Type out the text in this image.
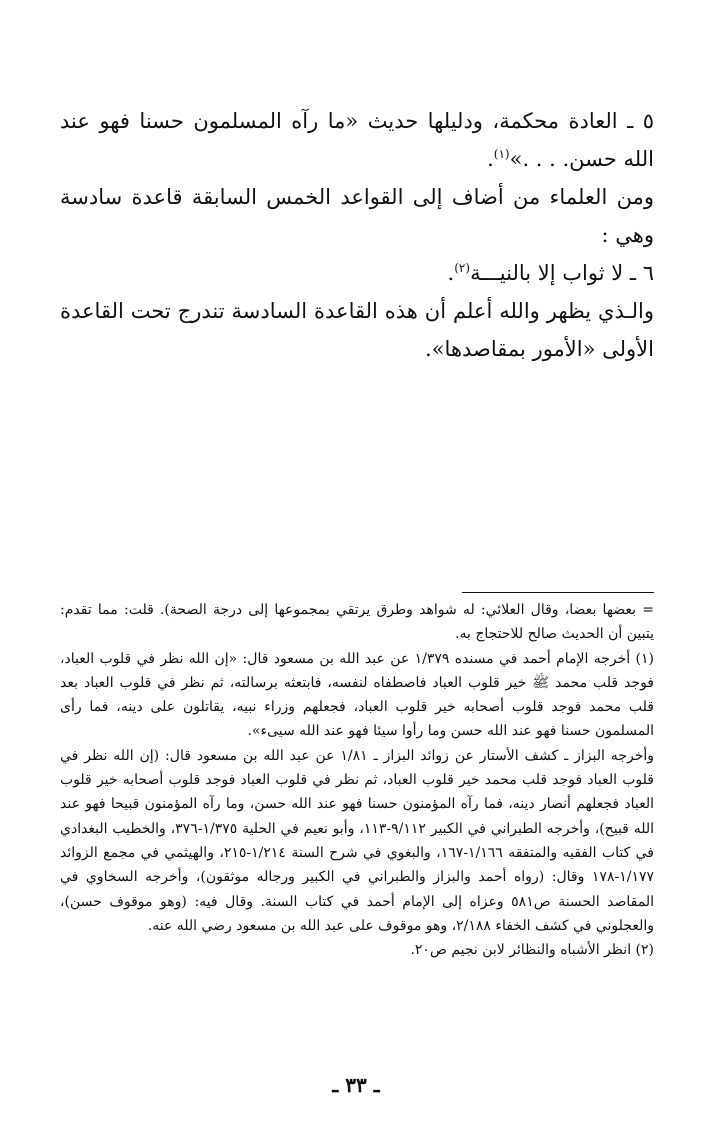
٥ ـ العادة محكمة، ودليلها حديث «ما رآه المسلمون حسنا فهو عند الله حسن. . . .»$^{(١)}$.

ومن العلماء من أضاف إلى القواعد الخمس السابقة قاعدة سادسة وهي :

٦ ـ لا ثواب إلا بالنيـــة$^{(٢)}$.

والـذي يظهر والله أعلم أن هذه القاعدة السادسة تندرج تحت القاعدة الأولى «الأمور بمقاصدها».

= بعضها بعضا، وقال العلائي: له شواهد وطرق يرتقي بمجموعها إلى درجة الصحة). قلت: مما تقدم: يتبين أن الحديث صالح للاحتجاج به.

(١) أخرجه الإمام أحمد في مسنده ١/٣٧٩ عن عبد الله بن مسعود قال: «إن الله نظر في قلوب العباد، فوجد قلب محمد ﷺ خير قلوب العباد فاصطفاه لنفسه، فابتعثه برسالته، ثم نظر في قلوب العباد بعد قلب محمد فوجد قلوب أصحابه خير قلوب العباد، فجعلهم وزراء نبيه، يقاتلون على دينه، فما رأى المسلمون حسنا فهو عند الله حسن وما رأوا سيئا فهو عند الله سيىء».

وأخرجه البزاز ـ كشف الأستار عن زوائد البزاز ـ ١/٨١ عن عبد الله بن مسعود قال: (إن الله نظر في قلوب العباد فوجد قلب محمد خير قلوب العباد، ثم نظر في قلوب العباد فوجد قلوب أصحابه خير قلوب العباد فجعلهم أنصار دينه، فما رآه المؤمنون حسنا فهو عند الله حسن، وما رآه المؤمنون قبيحا فهو عند الله قبيح)، وأخرجه الطبراني في الكبير ٩/١١٢-١١٣، وأبو نعيم في الحلية ١/٣٧٥-٣٧٦، والخطيب البغدادي في كتاب الفقيه والمتفقه ١/١٦٦-١٦٧، والبغوي في شرح السنة ١/٢١٤-٢١٥، والهيثمي في مجمع الزوائد ١/١٧٧-١٧٨ وقال: (رواه أحمد والبزاز والطبراني في الكبير ورجاله موثقون)، وأخرجه السخاوي في المقاصد الحسنة ص٥٨١ وعزاه إلى الإمام أحمد في كتاب السنة. وقال فيه: (وهو موقوف حسن)، والعجلوني في كشف الخفاء ٢/١٨٨، وهو موقوف على عبد الله بن مسعود رضي الله عنه.

(٢) انظر الأشباه والنظائر لابن نجيم ص٢٠.

ـ ٣٣ ـ
